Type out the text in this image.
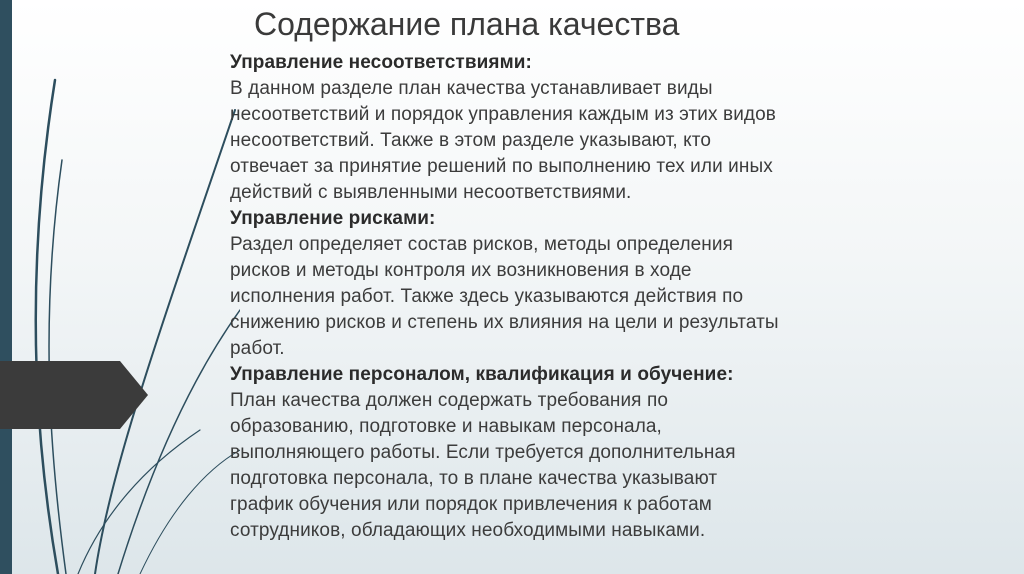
Содержание плана качества
Управление несоответствиями:
В данном разделе план качества устанавливает виды
несоответствий и порядок управления каждым из этих видов
несоответствий. Также в этом разделе указывают, кто
отвечает за принятие решений по выполнению тех или иных
действий с выявленными несоответствиями.
Управление рисками:
Раздел определяет состав рисков, методы определения
рисков и методы контроля их возникновения в ходе
исполнения работ. Также здесь указываются действия по
снижению рисков и степень их влияния на цели и результаты
работ.
Управление персоналом, квалификация и обучение:
План качества должен содержать требования по
образованию, подготовке и навыкам персонала,
выполняющего работы. Если требуется дополнительная
подготовка персонала, то в плане качества указывают
график обучения или порядок привлечения к работам
сотрудников, обладающих необходимыми навыками.
